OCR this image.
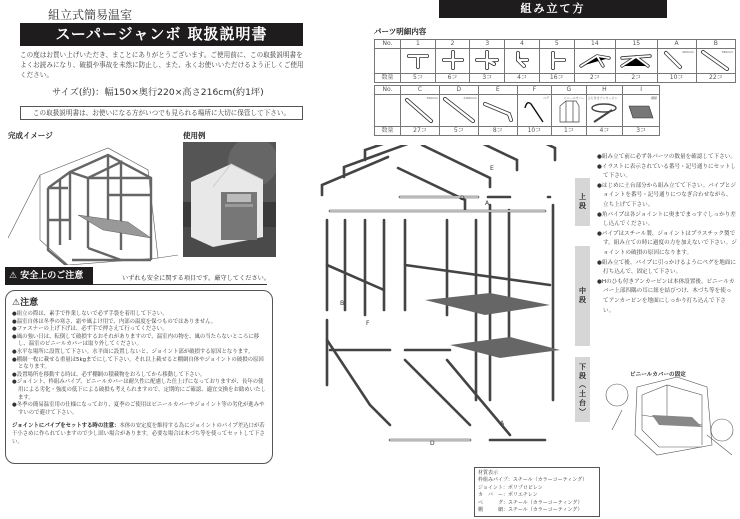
組立式簡易温室
スーパージャンボ 取扱説明書
この度はお買い上げいただき、まことにありがとうございます。ご使用前に、この取扱説明書をよくお読みになり、破損や事故を未然に防止し、また、永くお使いいただけるよう正しくご使用ください。
サイズ(約)：幅150×奥行220×高さ216cm(約1坪)
この取扱説明書は、お使いになる方がいつでも見られる場所に大切に保管して下さい。
完成イメージ	使用例
⚠ 安全上のご注意	いずれも安全に関する項目です。厳守してください。
⚠注意
● 組立の際は、素手で作業しないで必ず手袋を着用して下さい。
● 温室自体は冬季の寒さ、霜や風よけ用で、内部の温度を保つものではありません。
● ファスナーの上げ下げは、必ず手で押さえて行ってください。
● 風の強い日は、転倒して破損するおそれがありますので、温室内の物を、風の当たらないところに移し、温室のビニールカバーは取り外してください。
● 水平な場所に設置して下さい。水平面に設置しないと、ジョイント部が破損する原因となります。
● 棚網一枚に載せる重量は5kgまでにして下さい。それ以上載せると棚網自体やジョイントの破損の原因となります。
● 設置場所を移動する時は、必ず棚網の積載物をおろしてから移動して下さい。
● ジョイント、枠組みパイプ、ビニールカバーは耐久性に配慮した仕上げになっておりますが、長年の使用による劣化・強度の低下による破損も考えられますので、定期的にご確認、適宜交換をお勧めいたします。
● 冬季の簡易温室用の仕様になっており、夏季のご使用はビニールカバーやジョイント等の劣化が進みやすいので避けて下さい。
ジョイントにパイプをセットする時の注意：本体の安定度を維持する為にジョイントのパイプ差込口が若干小さめに作られていますので少し固い場合があります。必要な場合は木づち等を使ってセットして下さい。
組み立て方
パーツ明細内容
No.	1	2	3	4	5	14	15	A	B

260mm	780mm

数量	5コ	6コ	3コ	4コ	16コ	2コ	2コ	10コ	22コ
No.	C	D	E	F	G	H	I

	700mm	1160mm		ペグ	ビニールカバー	ひも付きアンカーピン	棚網

数量	27コ	5コ	8コ	10コ	1コ	4コ	3コ
E
D
A
B
F
A
D
上段
中段
下段（土台）
● 組み立て前に必ず各パーツの数量を確認して下さい。
● イラストに表示されている番号・記号通りにセットして下さい。
● はじめに土台部分から組み立てて下さい。パイプとジョイントを番号・記号通りにつなぎ合わせながら、立ち上げて下さい。
● 角パイプは各ジョイントに奥までまっすぐしっかり差し込んでください。
● パイプはスチール製、ジョイントはプラスチック製です。組み立ての時に過度の力を加えないで下さい。ジョイントの破損の原因になります。
● 組み立て後、パイプに引っかけるようにペグを地面に打ち込んで、固定して下さい。
● Hのひも付きアンカーピンは本体設置後、ビニールカバー上部四隅の耳に紐を結びつけ、木づち等を使ってアンカーピンを地面にしっかり打ち込んで下さい。
ビニールカバーの固定
材質表示
枠組みパイプ：スチール（カラーコーティング）
ジョイント：ポリプロピレン
カ　バ　ー：ポリエチレン
ペ　　　グ：スチール（カラーコーティング）
棚　　　網：スチール（カラーコーティング）
